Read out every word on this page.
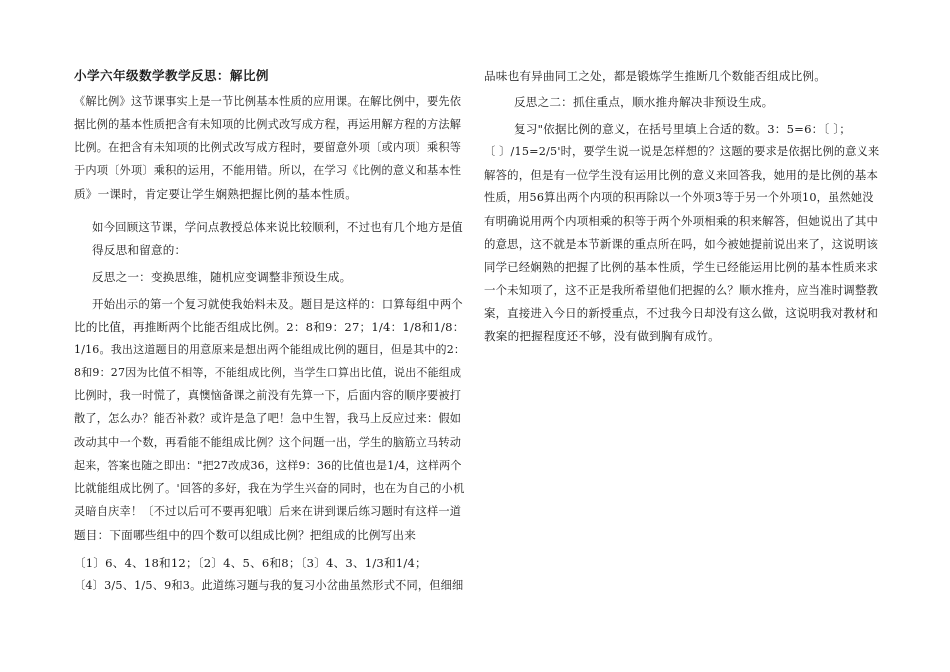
小学六年级数学教学反思：解比例
《解比例》这节课事实上是一节比例基本性质的应用课。在解比例中，要先依
据比例的基本性质把含有未知项的比例式改写成方程，再运用解方程的方法解
比例。在把含有未知项的比例式改写成方程时，要留意外项〔或内项〕乘积等
于内项〔外项〕乘积的运用，不能用错。所以，在学习《比例的意义和基本性
质》一课时，肯定要让学生娴熟把握比例的基本性质。
如今回顾这节课，学问点教授总体来说比较顺利，不过也有几个地方是值
得反思和留意的：
反思之一：变换思维，随机应变调整非预设生成。
开始出示的第一个复习就使我始料未及。题目是这样的：口算每组中两个
比的比值，再推断两个比能否组成比例。2：8和9：27；1/4：1/8和1/8：
1/16。我出这道题目的用意原来是想出两个能组成比例的题目，但是其中的2：
8和9：27因为比值不相等，不能组成比例，当学生口算出比值，说出不能组成
比例时，我一时慌了，真懊恼备课之前没有先算一下，后面内容的顺序要被打
散了，怎么办？能否补救？或许是急了吧！急中生智，我马上反应过来：假如
改动其中一个数，再看能不能组成比例？这个问题一出，学生的脑筋立马转动
起来，答案也随之即出："把27改成36，这样9：36的比值也是1/4，这样两个
比就能组成比例了。'回答的多好，我在为学生兴奋的同时，也在为自己的小机
灵暗自庆幸！〔不过以后可不要再犯哦〕后来在讲到课后练习题时有这样一道
题目：下面哪些组中的四个数可以组成比例？把组成的比例写出来
〔1〕6、4、18和12；〔2〕4、5、6和8；〔3〕4、3、1/3和1/4；
〔4〕3/5、1/5、9和3。此道练习题与我的复习小岔曲虽然形式不同，但细细
品味也有异曲同工之处，都是锻炼学生推断几个数能否组成比例。
反思之二：抓住重点，顺水推舟解决非预设生成。
复习"依据比例的意义，在括号里填上合适的数。3：5=6：〔 〕；
〔 〕/15=2/5'时，要学生说一说是怎样想的？这题的要求是依据比例的意义来
解答的，但是有一位学生没有运用比例的意义来回答我，她用的是比例的基本
性质，用56算出两个内项的积再除以一个外项3等于另一个外项10，虽然她没
有明确说用两个内项相乘的积等于两个外项相乘的积来解答，但她说出了其中
的意思，这不就是本节新课的重点所在吗，如今被她提前说出来了，这说明该
同学已经娴熟的把握了比例的基本性质，学生已经能运用比例的基本性质来求
一个未知项了，这不正是我所希望他们把握的么？顺水推舟，应当准时调整教
案，直接进入今日的新授重点，不过我今日却没有这么做，这说明我对教材和
教案的把握程度还不够，没有做到胸有成竹。
